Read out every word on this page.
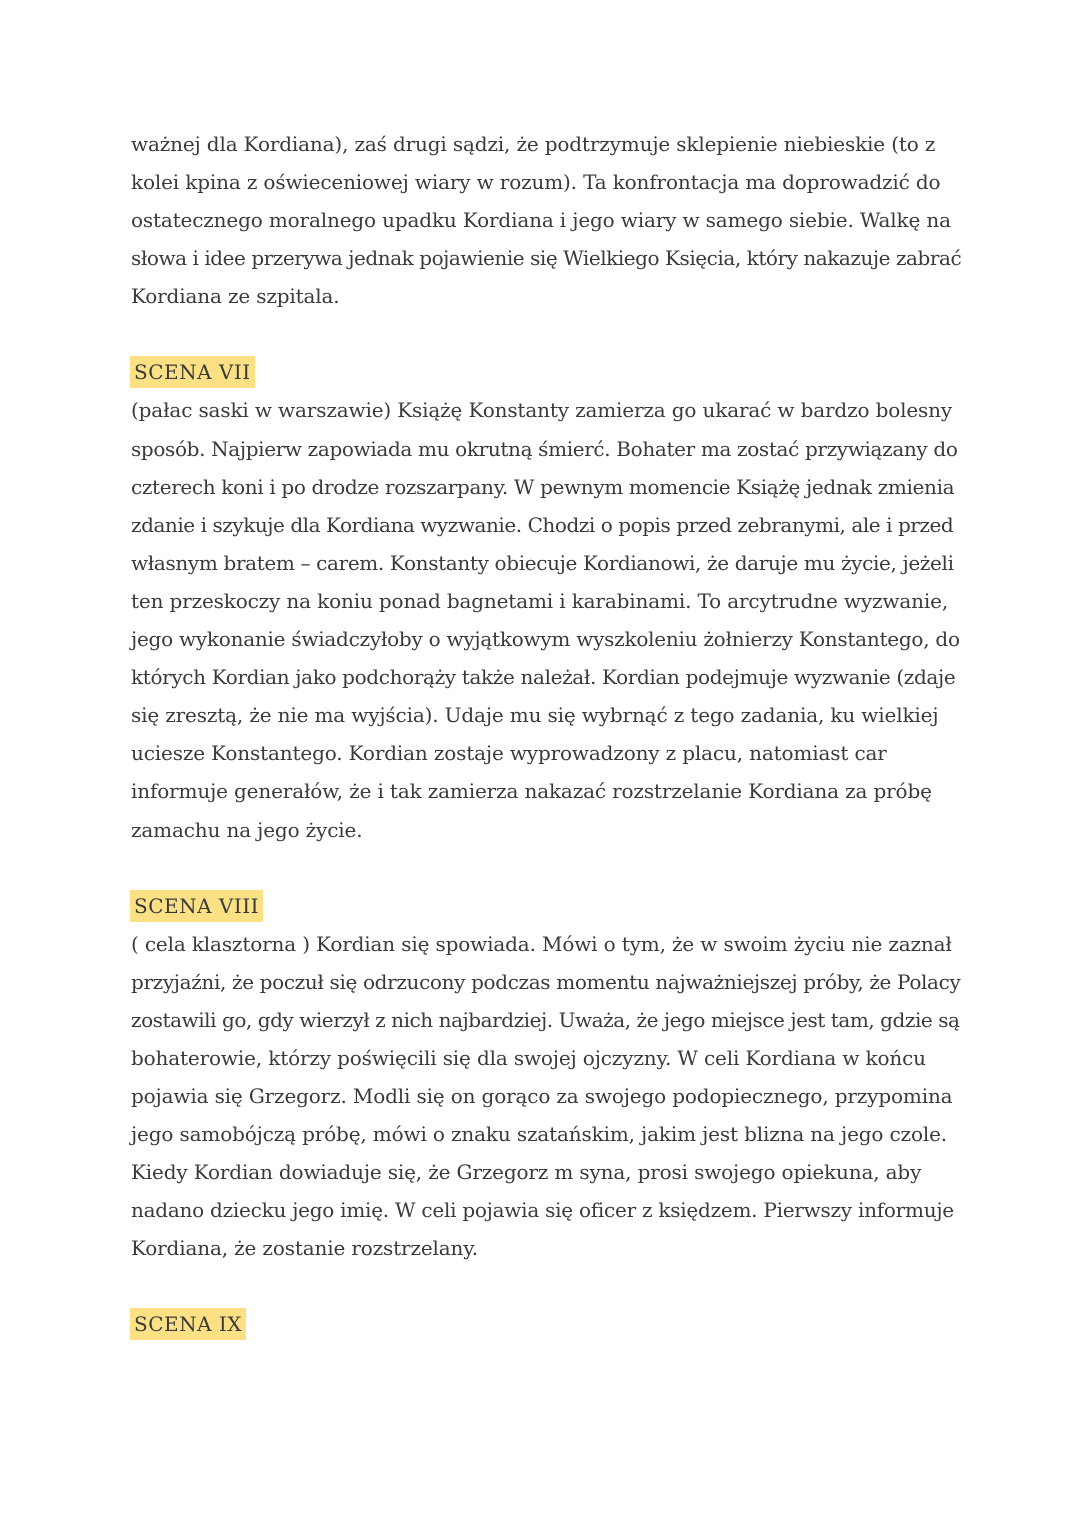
ważnej dla Kordiana), zaś drugi sądzi, że podtrzymuje sklepienie niebieskie (to z
kolei kpina z oświeceniowej wiary w rozum). Ta konfrontacja ma doprowadzić do
ostatecznego moralnego upadku Kordiana i jego wiary w samego siebie. Walkę na
słowa i idee przerywa jednak pojawienie się Wielkiego Księcia, który nakazuje zabrać
Kordiana ze szpitala.
SCENA VII
(pałac saski w warszawie) Książę Konstanty zamierza go ukarać w bardzo bolesny
sposób. Najpierw zapowiada mu okrutną śmierć. Bohater ma zostać przywiązany do
czterech koni i po drodze rozszarpany. W pewnym momencie Książę jednak zmienia
zdanie i szykuje dla Kordiana wyzwanie. Chodzi o popis przed zebranymi, ale i przed
własnym bratem – carem. Konstanty obiecuje Kordianowi, że daruje mu życie, jeżeli
ten przeskoczy na koniu ponad bagnetami i karabinami. To arcytrudne wyzwanie,
jego wykonanie świadczyłoby o wyjątkowym wyszkoleniu żołnierzy Konstantego, do
których Kordian jako podchorąży także należał. Kordian podejmuje wyzwanie (zdaje
się zresztą, że nie ma wyjścia). Udaje mu się wybrnąć z tego zadania, ku wielkiej
uciesze Konstantego. Kordian zostaje wyprowadzony z placu, natomiast car
informuje generałów, że i tak zamierza nakazać rozstrzelanie Kordiana za próbę
zamachu na jego życie.
SCENA VIII
( cela klasztorna ) Kordian się spowiada. Mówi o tym, że w swoim życiu nie zaznał
przyjaźni, że poczuł się odrzucony podczas momentu najważniejszej próby, że Polacy
zostawili go, gdy wierzył z nich najbardziej. Uważa, że jego miejsce jest tam, gdzie są
bohaterowie, którzy poświęcili się dla swojej ojczyzny. W celi Kordiana w końcu
pojawia się Grzegorz. Modli się on gorąco za swojego podopiecznego, przypomina
jego samobójczą próbę, mówi o znaku szatańskim, jakim jest blizna na jego czole.
Kiedy Kordian dowiaduje się, że Grzegorz m syna, prosi swojego opiekuna, aby
nadano dziecku jego imię. W celi pojawia się oficer z księdzem. Pierwszy informuje
Kordiana, że zostanie rozstrzelany.
SCENA IX
